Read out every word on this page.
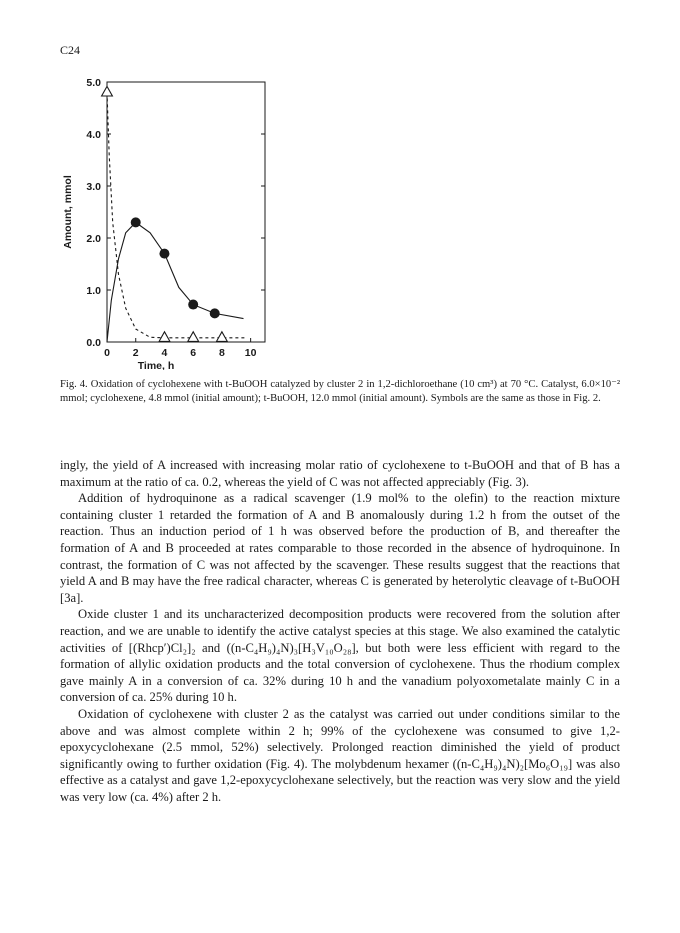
C24
0.0
1.0
2.0
3.0
4.0
5.0
0 2 4 6 8 10
Time, h
Amount, mmol
Fig. 4. Oxidation of cyclohexene with t-BuOOH catalyzed by cluster 2 in 1,2-dichloroethane (10 cm³) at 70 °C. Catalyst, 6.0×10⁻² mmol; cyclohexene, 4.8 mmol (initial amount); t-BuOOH, 12.0 mmol (initial amount). Symbols are the same as those in Fig. 2.

ingly, the yield of A increased with increasing molar ratio of cyclohexene to t-BuOOH and that of B has a maximum at the ratio of ca. 0.2, whereas the yield of C was not affected appreciably (Fig. 3).

Addition of hydroquinone as a radical scavenger (1.9 mol% to the olefin) to the reaction mixture containing cluster 1 retarded the formation of A and B anomalously during 1.2 h from the outset of the reaction. Thus an induction period of 1 h was observed before the production of B, and thereafter the formation of A and B proceeded at rates comparable to those recorded in the absence of hydroquinone. In contrast, the formation of C was not affected by the scavenger. These results suggest that the reactions that yield A and B may have the free radical character, whereas C is generated by heterolytic cleavage of t-BuOOH [3a].

Oxide cluster 1 and its uncharacterized decomposition products were recovered from the solution after reaction, and we are unable to identify the active catalyst species at this stage. We also examined the catalytic activities of [(Rhcp′)Cl₂]₂ and ((n-C₄H₉)₄N)₃[H₃V₁₀O₂₈], but both were less efficient with regard to the formation of allylic oxidation products and the total conversion of cyclohexene. Thus the rhodium complex gave mainly A in a conversion of ca. 32% during 10 h and the vanadium polyoxometalate mainly C in a conversion of ca. 25% during 10 h.

Oxidation of cyclohexene with cluster 2 as the catalyst was carried out under conditions similar to the above and was almost complete within 2 h; 99% of the cyclohexene was consumed to give 1,2-epoxycyclohexane (2.5 mmol, 52%) selectively. Prolonged reaction diminished the yield of product significantly owing to further oxidation (Fig. 4). The molybdenum hexamer ((n-C₄H₉)₄N)₂[Mo₆O₁₉] was also effective as a catalyst and gave 1,2-epoxycyclohexane selectively, but the reaction was very slow and the yield was very low (ca. 4%) after 2 h.
